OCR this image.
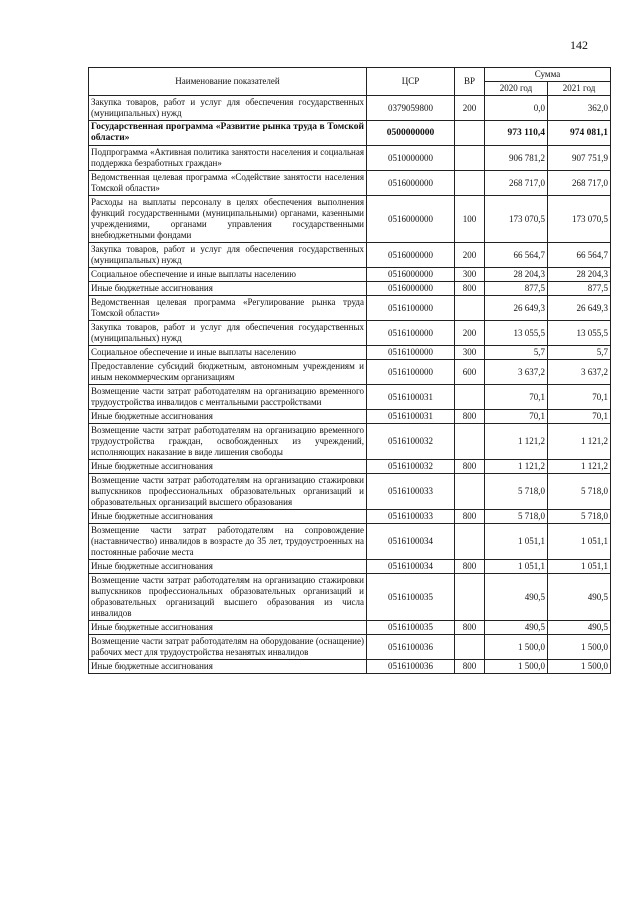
142
Наименование показателей	ЦСР	ВР	Сумма	
			2020 год	2021 год
Закупка товаров, работ и услуг для обеспечения государственных (муниципальных) нужд	0379059800	200	0,0	362,0
Государственная программа «Развитие рынка труда в Томской области»	0500000000		973 110,4	974 081,1
Подпрограмма «Активная политика занятости населения и социальная поддержка безработных граждан»	0510000000		906 781,2	907 751,9
Ведомственная целевая программа «Содействие занятости населения Томской области»	0516000000		268 717,0	268 717,0
Расходы на выплаты персоналу в целях обеспечения выполнения функций государственными (муниципальными) органами, казенными учреждениями, органами управления государственными внебюджетными фондами	0516000000	100	173 070,5	173 070,5
Закупка товаров, работ и услуг для обеспечения государственных (муниципальных) нужд	0516000000	200	66 564,7	66 564,7
Социальное обеспечение и иные выплаты населению	0516000000	300	28 204,3	28 204,3
Иные бюджетные ассигнования	0516000000	800	877,5	877,5
Ведомственная целевая программа «Регулирование рынка труда Томской области»	0516100000		26 649,3	26 649,3
Закупка товаров, работ и услуг для обеспечения государственных (муниципальных) нужд	0516100000	200	13 055,5	13 055,5
Социальное обеспечение и иные выплаты населению	0516100000	300	5,7	5,7
Предоставление субсидий бюджетным, автономным учреждениям и иным некоммерческим организациям	0516100000	600	3 637,2	3 637,2
Возмещение части затрат работодателям на организацию временного трудоустройства инвалидов с ментальными расстройствами	0516100031		70,1	70,1
Иные бюджетные ассигнования	0516100031	800	70,1	70,1
Возмещение части затрат работодателям на организацию временного трудоустройства граждан, освобожденных из учреждений, исполняющих наказание в виде лишения свободы	0516100032		1 121,2	1 121,2
Иные бюджетные ассигнования	0516100032	800	1 121,2	1 121,2
Возмещение части затрат работодателям на организацию стажировки выпускников профессиональных образовательных организаций и образовательных организаций высшего образования	0516100033		5 718,0	5 718,0
Иные бюджетные ассигнования	0516100033	800	5 718,0	5 718,0
Возмещение части затрат работодателям на сопровождение (наставничество) инвалидов в возрасте до 35 лет, трудоустроенных на постоянные рабочие места	0516100034		1 051,1	1 051,1
Иные бюджетные ассигнования	0516100034	800	1 051,1	1 051,1
Возмещение части затрат работодателям на организацию стажировки выпускников профессиональных образовательных организаций и образовательных организаций высшего образования из числа инвалидов	0516100035		490,5	490,5
Иные бюджетные ассигнования	0516100035	800	490,5	490,5
Возмещение части затрат работодателям на оборудование (оснащение) рабочих мест для трудоустройства незанятых инвалидов	0516100036		1 500,0	1 500,0
Иные бюджетные ассигнования	0516100036	800	1 500,0	1 500,0
